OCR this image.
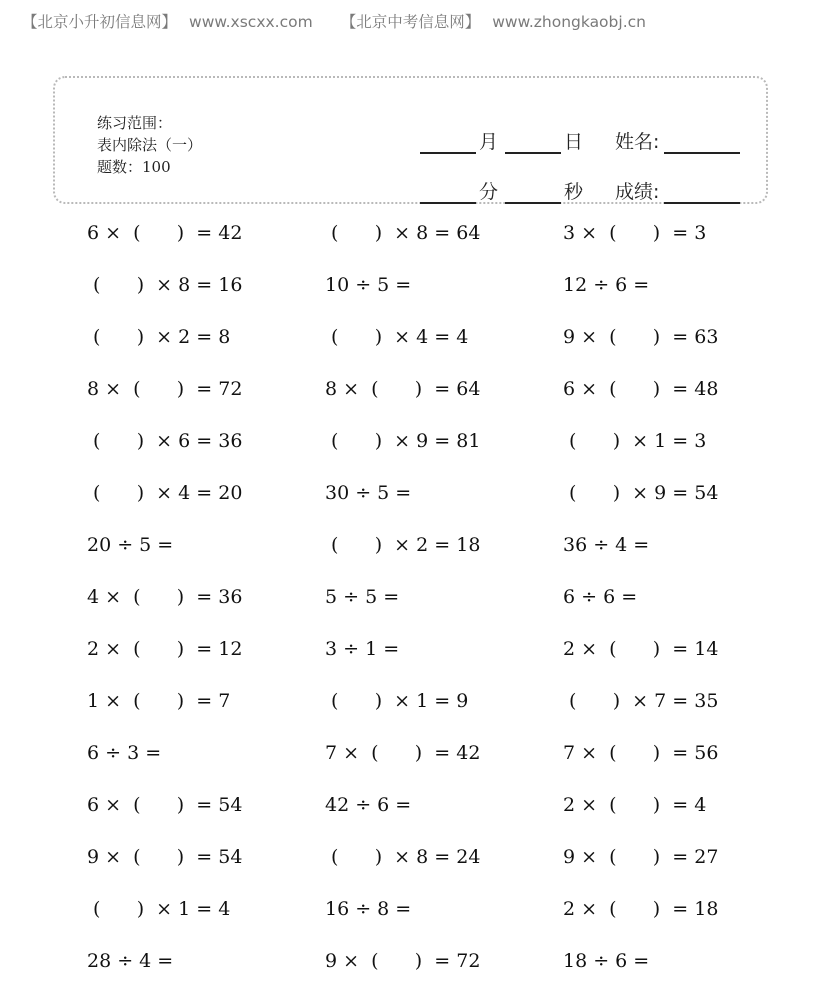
【北京小升初信息网】 www.xscxx.com 【北京中考信息网】 www.zhongkaobj.cn
练习范围：
表内除法（一）
题数：100
月	日 姓名:
分	秒 成绩:
6 ×  (      )  = 42	(      )  × 8 = 64	3 ×  (      )  = 3
(      )  × 8 = 16	10 ÷ 5 =	12 ÷ 6 =
(      )  × 2 = 8	(      )  × 4 = 4	9 ×  (      )  = 63
8 ×  (      )  = 72	8 ×  (      )  = 64	6 ×  (      )  = 48
(      )  × 6 = 36	(      )  × 9 = 81	(      )  × 1 = 3
(      )  × 4 = 20	30 ÷ 5 =	(      )  × 9 = 54
20 ÷ 5 =	(      )  × 2 = 18	36 ÷ 4 =
4 ×  (      )  = 36	5 ÷ 5 =	6 ÷ 6 =
2 ×  (      )  = 12	3 ÷ 1 =	2 ×  (      )  = 14
1 ×  (      )  = 7	(      )  × 1 = 9	(      )  × 7 = 35
6 ÷ 3 =	7 ×  (      )  = 42	7 ×  (      )  = 56
6 ×  (      )  = 54	42 ÷ 6 =	2 ×  (      )  = 4
9 ×  (      )  = 54	(      )  × 8 = 24	9 ×  (      )  = 27
(      )  × 1 = 4	16 ÷ 8 =	2 ×  (      )  = 18
28 ÷ 4 =	9 ×  (      )  = 72	18 ÷ 6 =
